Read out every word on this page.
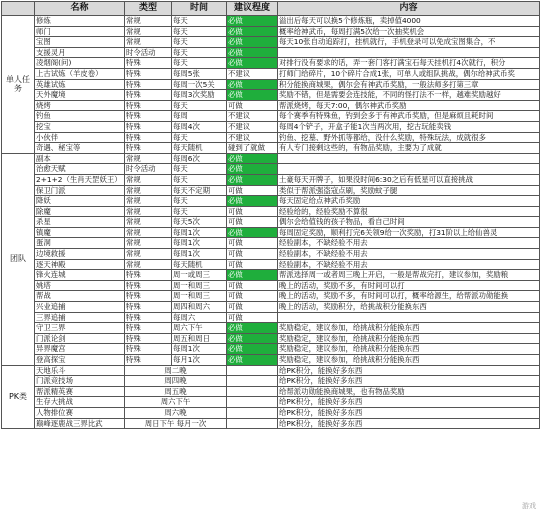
	名称	类型	时间	建议程度	内容
单人任务	修炼	常规	每天	必做	溢出后每天可以换5个修炼瓶，卖掉值4000
	师门	常规	每天	必做	概率给神武币，每周打满5次给一次抽奖机会
	宝图	常规	每天	必做	每天10张自动追踪打，挂机就行，手机登录可以免成宝图集合，不
	支援灵月	时令活动	每天	必做	
	凌烟阁(问)	特殊	每天	必做	对排行没有要求的话，弄一套门客打满宝石每天挂机打4次就行，积分
	上古试炼（羊皮卷）	特殊	每周5张	不建议	打师门给碎片，10个碎片合成1张，可单人或组队挑战，偶尔给神武币奖
	英雄试炼	特殊	每周一次5关	必做	积分能换商城果，偶尔会有神武币奖励，一般法师多打第三章
	天外魔境	特殊	每周3次奖励	必做	奖励不错，但是需要会连技能，不同的怪打法不一样，越难奖励越好
	烧烤	特殊	每天	可做	帮派烧烤，每天7:00，偶尔神武币奖励
	钓鱼	特殊	每周	不建议	每个赛季有特殊鱼，钓到会多于有神武币奖励，但是麻烦且耗时间
	挖宝	特殊	每周4次	不建议	每周4个铲子，开盒子能1次当两次用，挖古玩能卖钱
	小伙伴	特殊	每天	不建议	钓鱼、挖墓、野外抓等都给，没什么奖励，特殊玩法，成就很多
	奇遇、秘宝等	特殊	每天随机	碰到了就做	有人专门接剩这些的，有物品奖励，主要为了成就
团队	副本	常规	每周6次	必做	
	治愈天赋	时令活动	每天	必做	
	2+1+2（生肖天罡妖王）	常规	每天	必做	土豪每天开牌子，如果没时间6:30之后有低星可以直接挑战
	保卫门派	常规	每天不定期	可做	类似于帮派强盗寇点刷，奖励蚊子腿
	降妖	常规	每天	必做	每天固定给点神武币奖励
	除魔	常规	每天	可做	经验给的，经验奖励不算很
	杀星	常规	每天5次	可做	偶尔会给值钱的孩子物品，看自己时间
	镇魔	常规	每周1次	必做	每周固定奖励，顺利打完6关领9给一次奖励，打31阶以上给仙兽灵
	蛋洞	常规	每周1次	可做	经验副本，不缺经验不用去
	边境救援	常规	每周1次	可做	经验副本，不缺经验不用去
	逐天神殿	常规	每天随机	可做	经验副本，不缺经验不用去
	锋火连城	特殊	周一或周三	必做	帮派选择周一或者周三晚上开启，一般是帮战完打，建议参加，奖励粮
	姚塔	特殊	周一和周三	可做	晚上的活动，奖励不多，有时间可以打
	帮战	特殊	周一和周三	可做	晚上的活动，奖励不多，有时间可以打，概率给源生，给帮派功勋能换
	兴业追捕	特殊	周四和周六	可做	晚上的活动，奖励积分，给挑战积分能换东西
	三界追捕	特殊	每周六	可做	
	守卫三界	特殊	周六下午	必做	奖励稳定，建议参加，给挑战积分能换东西
	门派论剑	特殊	周五和周日	必做	奖励稳定，建议参加，给挑战积分能换东西
	异界魔宫	特殊	每周1次	必做	奖励稳定，建议参加，给挑战积分能换东西
	登高探宝	特殊	每月1次	必做	奖励稳定，建议参加，给挑战积分能换东西
PK类	天地乐斗	周二晚			给PK积分，能换好多东西
	门派竞技场	周四晚			给PK积分，能换好多东西
	帮派精英赛	周五晚			给帮派功勋能换商城果，也有物品奖励
	生存大挑战	周六下午			给PK积分，能换好多东西
	人物排位赛	周六晚			给PK积分，能换好多东西
	巅峰逐鹿战三界比武	周日下午 每月一次			给PK积分，能换好多东西
游戏
